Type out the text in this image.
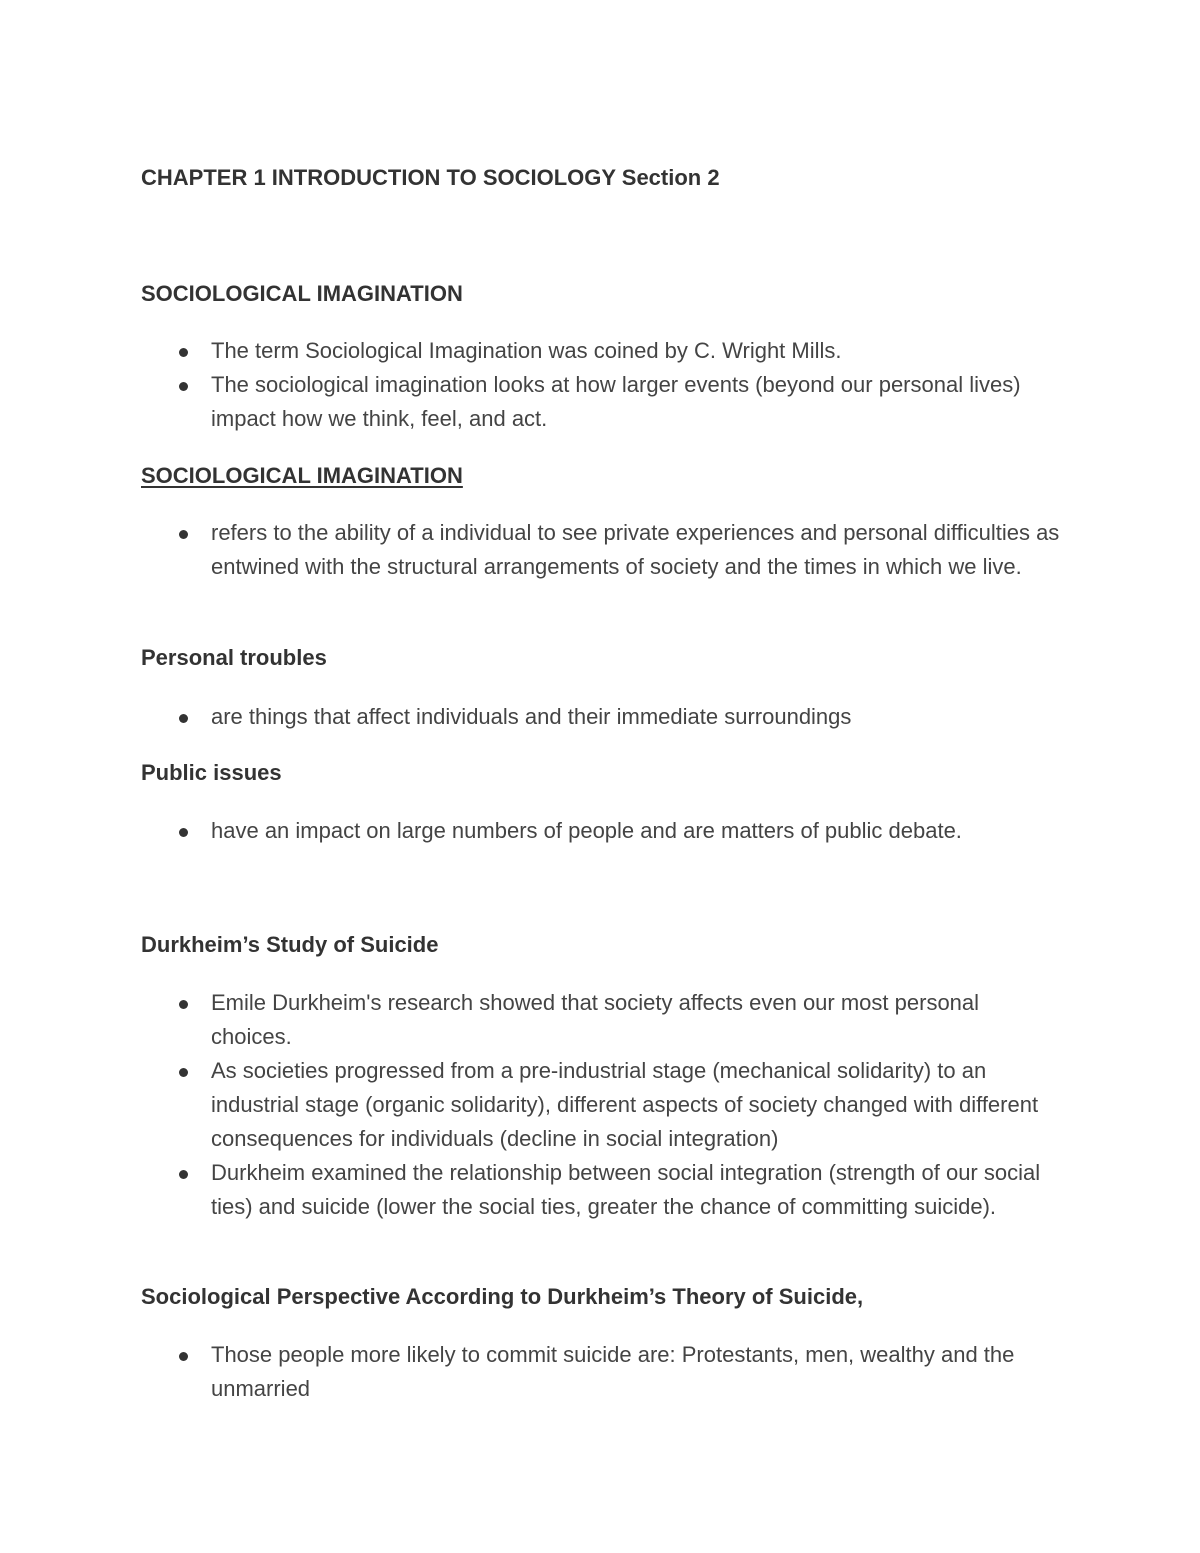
CHAPTER 1 INTRODUCTION TO SOCIOLOGY Section 2
SOCIOLOGICAL IMAGINATION
The term Sociological Imagination was coined by C. Wright Mills.
The sociological imagination looks at how larger events (beyond our personal lives) impact how we think, feel, and act.
SOCIOLOGICAL IMAGINATION
refers to the ability of a individual to see private experiences and personal difficulties as entwined with the structural arrangements of society and the times in which we live.
Personal troubles
are things that affect individuals and their immediate surroundings
Public issues
have an impact on large numbers of people and are matters of public debate.
Durkheim’s Study of Suicide
Emile Durkheim's research showed that society affects even our most personal choices.
As societies progressed from a pre-industrial stage (mechanical solidarity) to an industrial stage (organic solidarity), different aspects of society changed with different consequences for individuals (decline in social integration)
Durkheim examined the relationship between social integration (strength of our social ties) and suicide (lower the social ties, greater the chance of committing suicide).
Sociological Perspective According to Durkheim’s Theory of Suicide,
Those people more likely to commit suicide are: Protestants, men, wealthy and the unmarried
